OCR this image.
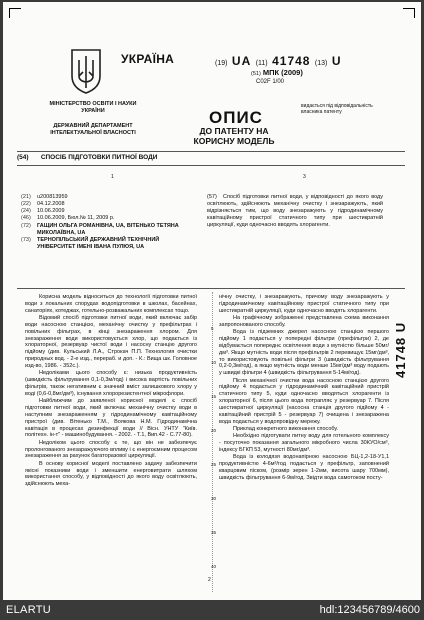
УКРАЇНА
МІНІСТЕРСТВО ОСВІТИ І НАУКИ УКРАЇНИ
ДЕРЖАВНИЙ ДЕПАРТАМЕНТ ІНТЕЛЕКТУАЛЬНОЇ ВЛАСНОСТІ
(19) UA (11) 41748 (13) U
(51) МПК (2009)
C02F 1/00
ОПИС
ДО ПАТЕНТУ НА КОРИСНУ МОДЕЛЬ
видається під відповідальність власника патенту
(54) СПОСІБ ПІДГОТОВКИ ПИТНОЇ ВОДИ
1	3
(21)	u200813959
(22)	04.12.2008
(24)	10.06.2009
(46)	10.06.2009, Бюл.№ 11, 2009 р.
(72)	ГАЩИН ОЛЬГА РОМАНІВНА, UA, ВІТЕНЬКО ТЕТЯНА МИКОЛАЇВНА, UA
(73)	ТЕРНОПІЛЬСЬКИЙ ДЕРЖАВНИЙ ТЕХНІЧНИЙ УНІВЕРСИТЕТ ІМЕНІ ІВАНА ПУЛЮЯ, UA
(57)	Спосіб підготовки питної води, у відповідності до якого воду освітлюють, здійснюють механічну очистку і знезаражують, який відрізняється тим, що воду знезаражують у гідродинамічному кавітаційному пристрої статичного типу при шестикратній циркуляції, куди одночасно вводять хлорагенти.

Корисна модель відноситься до технології підготовки питної води з локальних спорудах водопідготовки в школах, басейнах, санаторіях, котеджах, готельно-розважальних комплексах тощо.

Відомий спосіб підготовки питної води, який включає забір води насосною станцією, механічну очистку у префільтрах і повільних фільтрах, в кінці знезараження хлором. Для знезараження води використовується хлор, що подається із хлораторної, резервуар чистої води і насосну станцію другого підйому (див. Кульський Л.А., Строкач П.П. Технология очистки природных вод. - 2-е изд., перераб. и доп. - К.: Вища шк. Головное изд-во, 1986. - 352с.).

Недоліками цього способу є: низька продуктивність (швидкість фільтрування 0,1-0,3м/год) і висока вартість повільних фільтрів, також негативним є значний вміст залишкового хлору у воді (0,6-0,8мг/дм³), існування хлорорезистентної мікрофлори.

Найближчим до заявленої корисної моделі є спосіб підготовки питної води, який включає механічну очистку води в наступним знезараженням у гідродинамічному кавітаційному пристрої (див. Вітенько Т.М., Воякова Н.М. Гідродинамічна кавітація в процесах дезинфекції води // Вісн. УНТУ "Київ. політехн. ін-т" - машинобудування. - 2002. - Т.1, Вип.42 - С.77-80).

Недоліком цього способу є те, що він не забезпечує пролонгованого знезаражуючого впливу і є енергоємним процесом знезараження за рахунок багаторазової циркуляції.

В основу корисної моделі поставлено задачу забезпечити якісні показники води і зменшити енерговитрати шляхом використання способу, у відповідності до якого воду освітлюють, здійснюють меха-

нічну очистку, і знезаражують, причому воду знезаражують у гідродинамічному кавітаційному пристрої статичного типу при шестикратній циркуляції, куди одночасно вводять хлорагенти.

На графічному зображенні представлена схема виконання запропонованого способу.

Вода із підземних джерел насосною станцією першого підйому 1 подається у попередні фільтри (префільтри) 2, де відбувається попереднє освітлення води з мутністю більше 50мг/дм³. Якщо мутність води після префільтрів 2 перевищує 15мг/дм³, то використовують повільні фільтри 3 (швидкість фільтрування 0,2-0,3м/год), а якщо мутність води менше 15мг/дм³ воду подають у швидкі фільтри 4 (швидкість фільтрування 5-14м/год).

Після механічної очистки вода насосною станцією другого підйому 4 подається у гідродинамічний кавітаційний пристрій статичного типу 5, куди одночасно вводяться хлорагенти із хлораторної 6, після цього вода потрапляє у резервуар 7. Після шестикратної циркуляції (насосна станція другого підйому 4 - кавітаційний пристрій 5 - резервуар 7) очищена і знезаражена вода подається у водопровідну мережу.

Приклад конкретного виконання способу.

Необхідно підготувати питну воду для готельного комплексу - посуточно показання загального мікробного числа 30КУО/см³, індексу БГКП 53, мутності 80мг/дм³.

Вода із колодязя водонапірною насосною БЦ-1,2-18-У1,1 продуктивністю 4-6м³/год подається у префільтр, заповнений кварцовим піском, (розмір зерен 1-2мм, висота шару 700мм), швидкість фільтрування 6-9м/год. Звідти вода самотоком посту-

5
10
15
20
25
30
35
40
41748 U
2
ELARTU	hdl:123456789/4600
